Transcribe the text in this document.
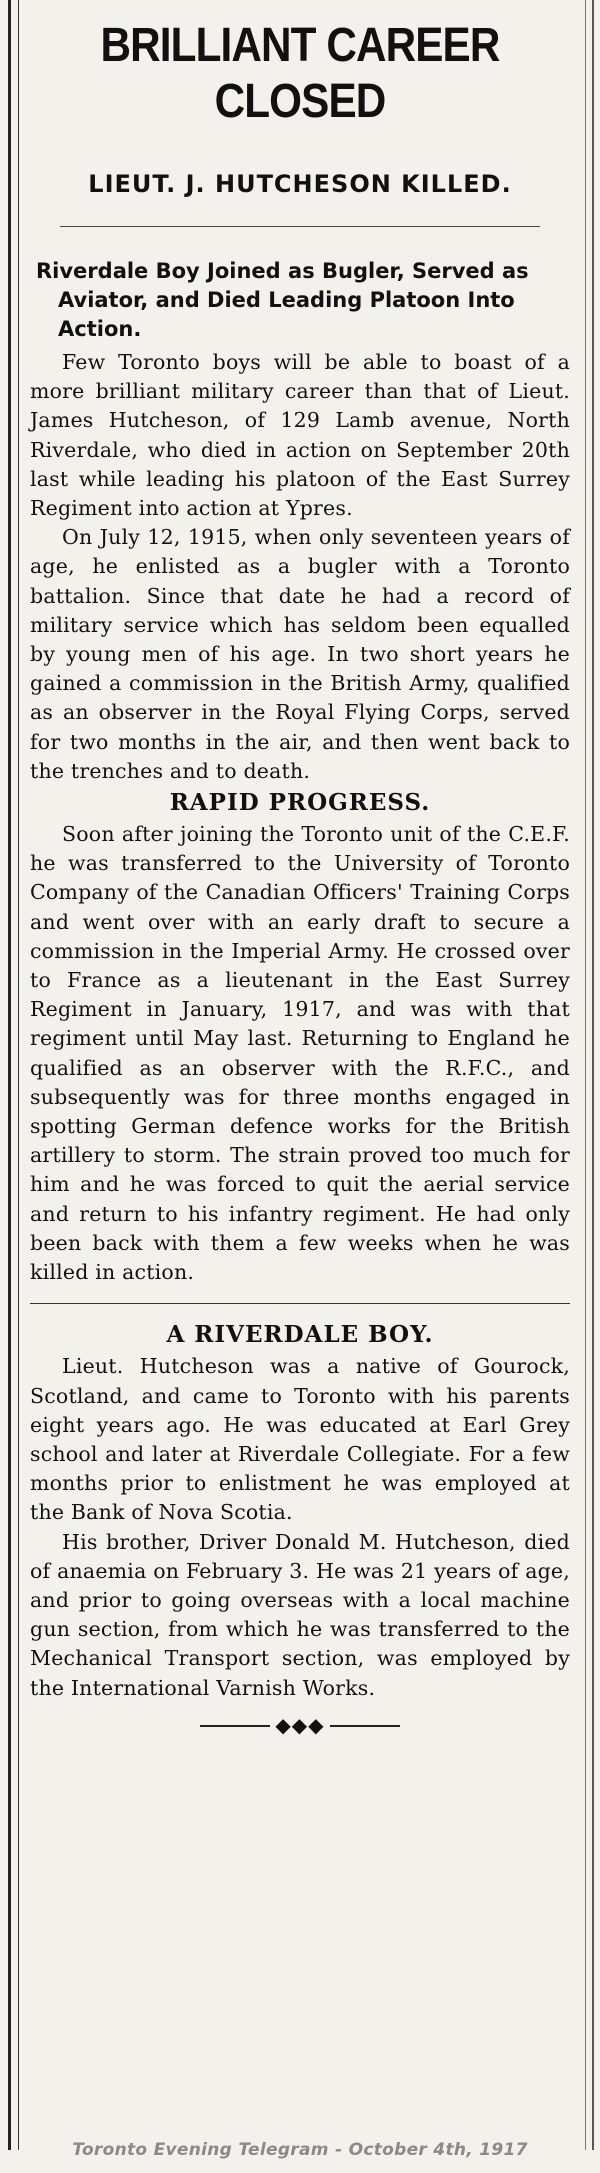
BRILLIANT CAREER CLOSED
LIEUT. J. HUTCHESON KILLED.
Riverdale Boy Joined as Bugler, Served as Aviator, and Died Leading Platoon Into Action.

Few Toronto boys will be able to boast of a more brilliant military career than that of Lieut. James Hutcheson, of 129 Lamb avenue, North Riverdale, who died in action on September 20th last while leading his platoon of the East Surrey Regiment into action at Ypres.

On July 12, 1915, when only seventeen years of age, he enlisted as a bugler with a Toronto battalion. Since that date he had a record of military service which has seldom been equalled by young men of his age. In two short years he gained a commission in the British Army, qualified as an observer in the Royal Flying Corps, served for two months in the air, and then went back to the trenches and to death.

RAPID PROGRESS.

Soon after joining the Toronto unit of the C.E.F. he was transferred to the University of Toronto Company of the Canadian Officers' Training Corps and went over with an early draft to secure a commission in the Imperial Army. He crossed over to France as a lieutenant in the East Surrey Regiment in January, 1917, and was with that regiment until May last. Returning to England he qualified as an observer with the R.F.C., and subsequently was for three months engaged in spotting German defence works for the British artillery to storm. The strain proved too much for him and he was forced to quit the aerial service and return to his infantry regiment. He had only been back with them a few weeks when he was killed in action.

A RIVERDALE BOY.

Lieut. Hutcheson was a native of Gourock, Scotland, and came to Toronto with his parents eight years ago. He was educated at Earl Grey school and later at Riverdale Collegiate. For a few months prior to enlistment he was employed at the Bank of Nova Scotia.

His brother, Driver Donald M. Hutcheson, died of anaemia on February 3. He was 21 years of age, and prior to going overseas with a local machine gun section, from which he was transferred to the Mechanical Transport section, was employed by the International Varnish Works.

◆◆◆
Toronto Evening Telegram - October 4th, 1917
